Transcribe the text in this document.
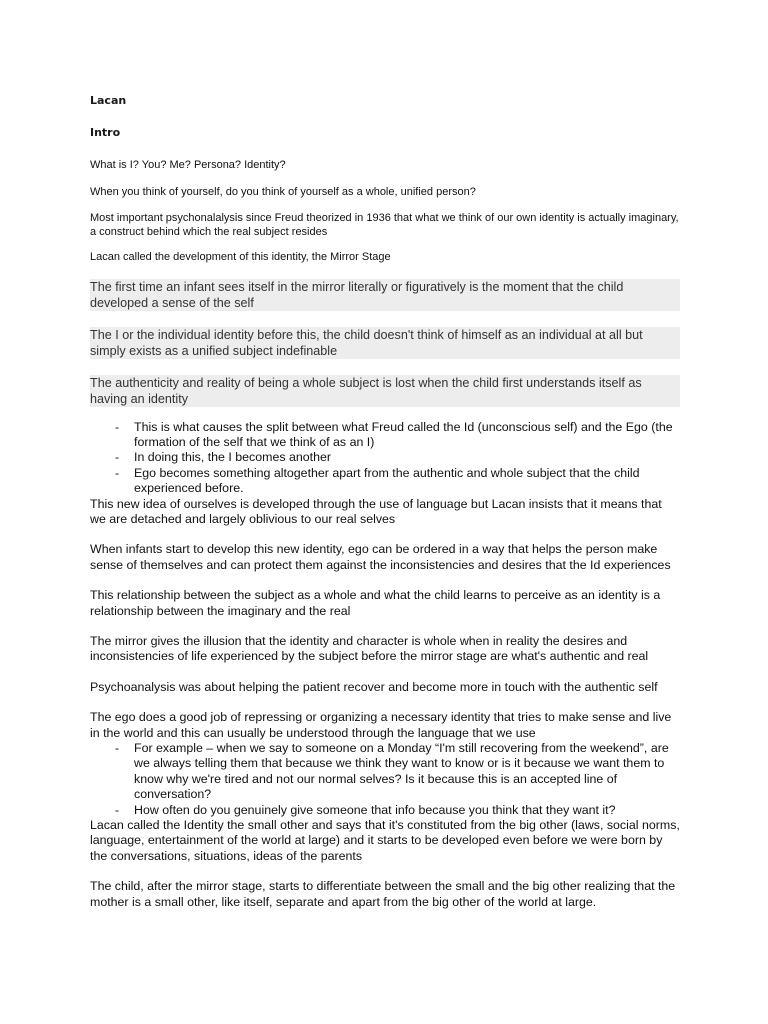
Lacan

Intro

What is I? You? Me? Persona? Identity?

When you think of yourself, do you think of yourself as a whole, unified person?

Most important psychonalalysis since Freud theorized in 1936 that what we think of our own identity is actually imaginary, a construct behind which the real subject resides

Lacan called the development of this identity, the Mirror Stage

The first time an infant sees itself in the mirror literally or figuratively is the moment that the child developed a sense of the self

The I or the individual identity before this, the child doesn't think of himself as an individual at all but simply exists as a unified subject indefinable

The authenticity and reality of being a whole subject is lost when the child first understands itself as having an identity

- This is what causes the split between what Freud called the Id (unconscious self) and the Ego (the formation of the self that we think of as an I)
- In doing this, the I becomes another
- Ego becomes something altogether apart from the authentic and whole subject that the child experienced before.

This new idea of ourselves is developed through the use of language but Lacan insists that it means that we are detached and largely oblivious to our real selves

When infants start to develop this new identity, ego can be ordered in a way that helps the person make sense of themselves and can protect them against the inconsistencies and desires that the Id experiences

This relationship between the subject as a whole and what the child learns to perceive as an identity is a relationship between the imaginary and the real

The mirror gives the illusion that the identity and character is whole when in reality the desires and inconsistencies of life experienced by the subject before the mirror stage are what's authentic and real

Psychoanalysis was about helping the patient recover and become more in touch with the authentic self

The ego does a good job of repressing or organizing a necessary identity that tries to make sense and live in the world and this can usually be understood through the language that we use

- For example – when we say to someone on a Monday “I'm still recovering from the weekend”, are we always telling them that because we think they want to know or is it because we want them to know why we're tired and not our normal selves? Is it because this is an accepted line of conversation?
- How often do you genuinely give someone that info because you think that they want it?

Lacan called the Identity the small other and says that it's constituted from the big other (laws, social norms, language, entertainment of the world at large) and it starts to be developed even before we were born by the conversations, situations, ideas of the parents

The child, after the mirror stage, starts to differentiate between the small and the big other realizing that the mother is a small other, like itself, separate and apart from the big other of the world at large.
